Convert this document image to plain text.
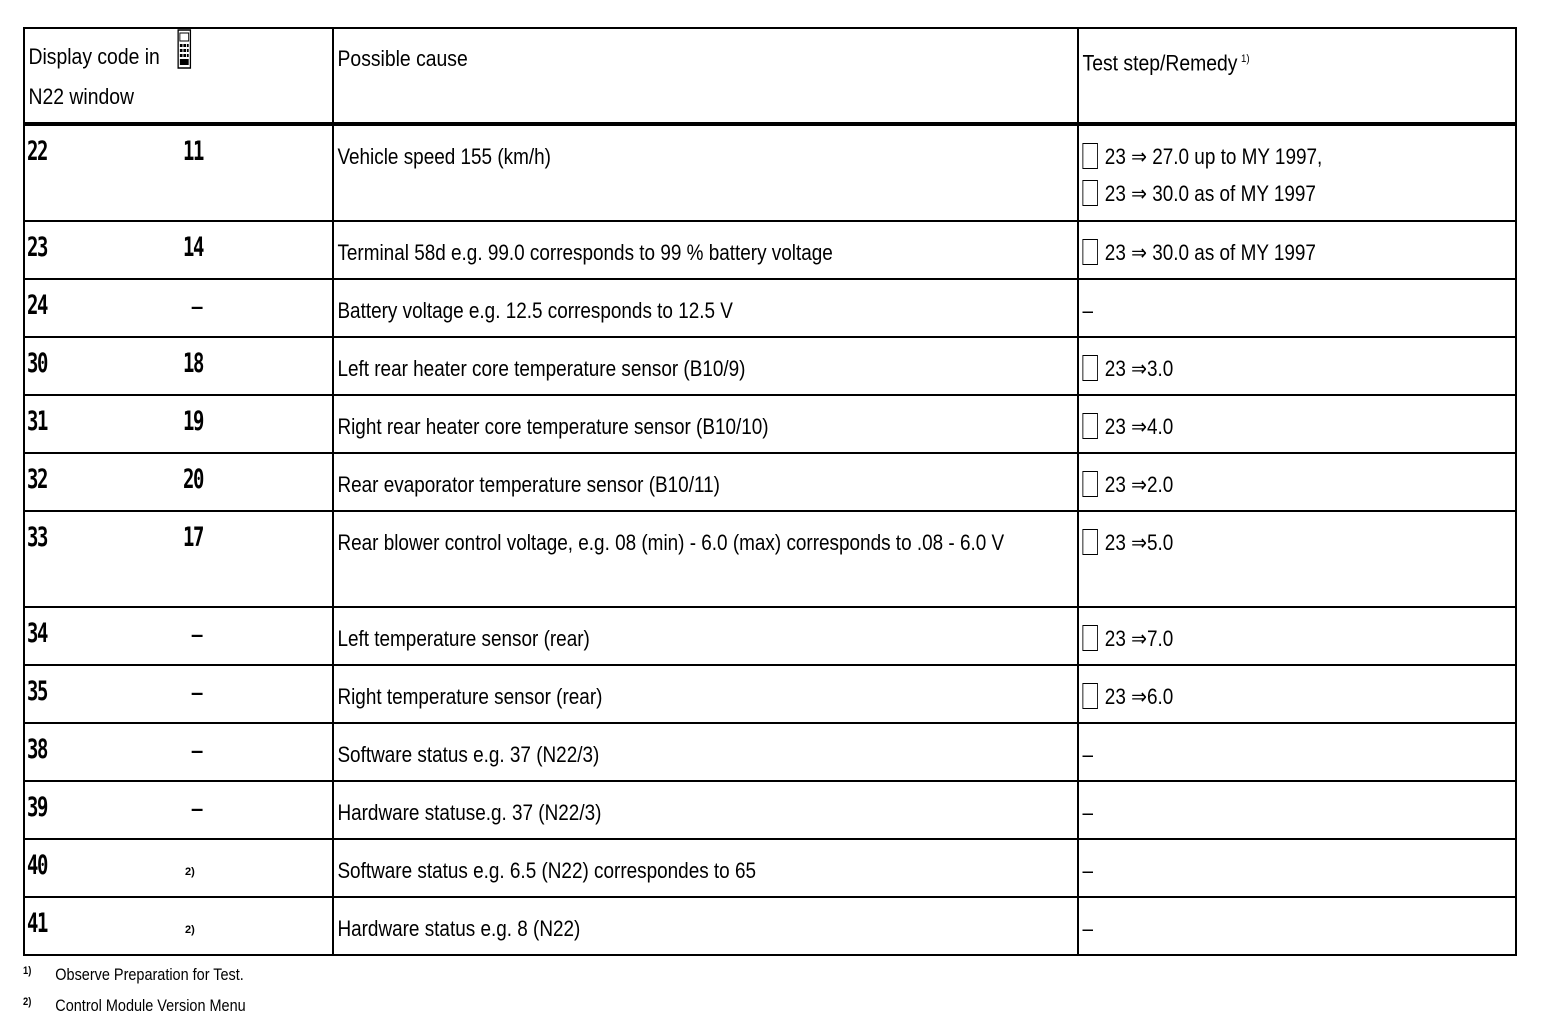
Display code in
N22 window	Possible cause	Test step/Remedy $^{1)}$

22 11	Vehicle speed 155 (km/h)	23 ⇒ 27.0 up to MY 1997,
23 ⇒ 30.0 as of MY 1997

23 14	Terminal 58d e.g. 99.0 corresponds to 99 % battery voltage	23 ⇒ 30.0 as of MY 1997

24 –	Battery voltage e.g. 12.5 corresponds to 12.5 V	–

30 18	Left rear heater core temperature sensor (B10/9)	23 ⇒3.0

31 19	Right rear heater core temperature sensor (B10/10)	23 ⇒4.0

32 20	Rear evaporator temperature sensor (B10/11)	23 ⇒2.0

33 17	Rear blower control voltage, e.g. 08 (min) - 6.0 (max) corresponds to .08 - 6.0 V	23 ⇒5.0

34 –	Left temperature sensor (rear)	23 ⇒7.0

35 –	Right temperature sensor (rear)	23 ⇒6.0

38 –	Software status e.g. 37 (N22/3)	–

39 –	Hardware statuse.g. 37 (N22/3)	–

40 2)	Software status e.g. 6.5 (N22) correspondes to 65	–

41 2)	Hardware status e.g. 8 (N22)	–
1) Observe Preparation for Test.
2) Control Module Version Menu
